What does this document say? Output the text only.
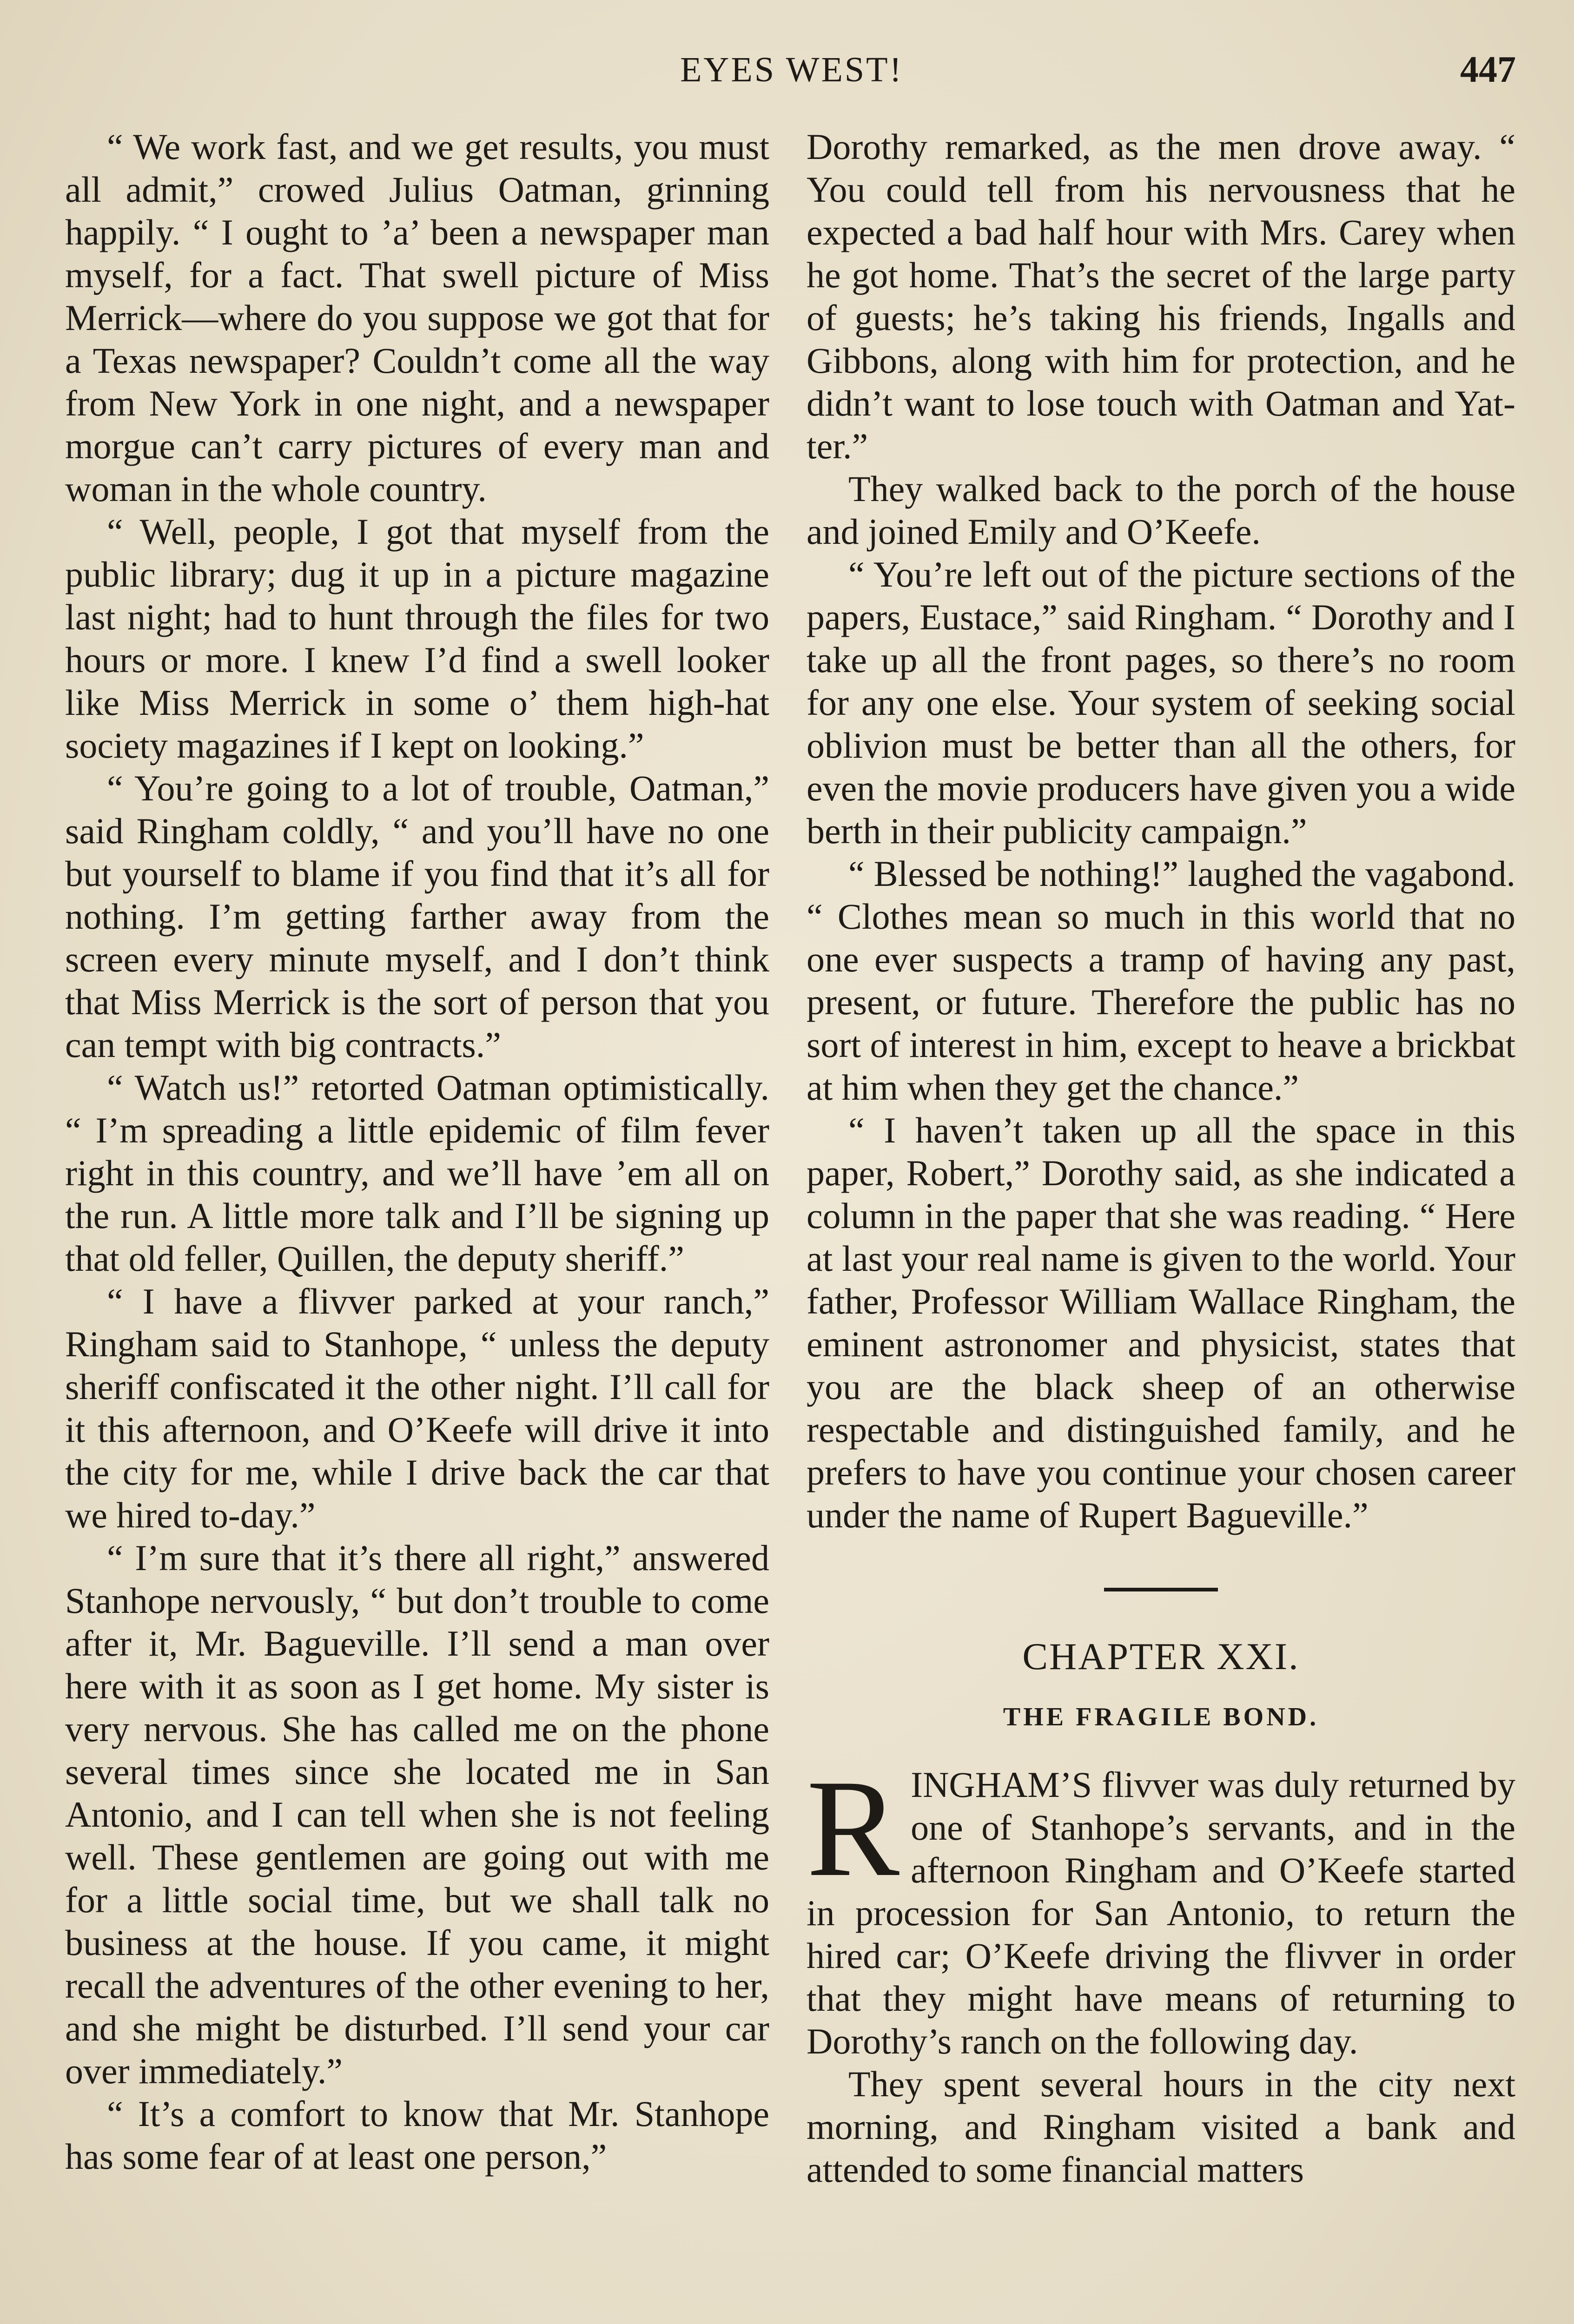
EYES WEST!	447

“ We work fast, and we get results, you must all admit,” crowed Julius Oatman, grinning happily. “ I ought to ’a’ been a newspaper man myself, for a fact. That swell picture of Miss Merrick—where do you suppose we got that for a Texas newspaper? Couldn’t come all the way from New York in one night, and a newspaper morgue can’t carry pictures of every man and woman in the whole country.

“ Well, people, I got that myself from the public library; dug it up in a picture magazine last night; had to hunt through the files for two hours or more. I knew I’d find a swell looker like Miss Merrick in some o’ them high-hat society magazines if I kept on looking.”

“ You’re going to a lot of trouble, Oatman,” said Ringham coldly, “ and you’ll have no one but yourself to blame if you find that it’s all for nothing. I’m getting farther away from the screen every minute myself, and I don’t think that Miss Merrick is the sort of person that you can tempt with big contracts.”

“ Watch us!” retorted Oatman optimistically. “ I’m spreading a little epidemic of film fever right in this country, and we’ll have ’em all on the run. A little more talk and I’ll be signing up that old feller, Quillen, the deputy sheriff.”

“ I have a flivver parked at your ranch,” Ringham said to Stanhope, “ unless the deputy sheriff confiscated it the other night. I’ll call for it this afternoon, and O’Keefe will drive it into the city for me, while I drive back the car that we hired to-day.”

“ I’m sure that it’s there all right,” answered Stanhope nervously, “ but don’t trouble to come after it, Mr. Bagueville. I’ll send a man over here with it as soon as I get home. My sister is very nervous. She has called me on the phone several times since she located me in San Antonio, and I can tell when she is not feeling well. These gentlemen are going out with me for a little social time, but we shall talk no business at the house. If you came, it might recall the adventures of the other evening to her, and she might be disturbed. I’ll send your car over immediately.”

“ It’s a comfort to know that Mr. Stanhope has some fear of at least one person,”

Dorothy remarked, as the men drove away. “ You could tell from his nervousness that he expected a bad half hour with Mrs. Carey when he got home. That’s the secret of the large party of guests; he’s taking his friends, Ingalls and Gibbons, along with him for protection, and he didn’t want to lose touch with Oatman and Yatter.”

They walked back to the porch of the house and joined Emily and O’Keefe.

“ You’re left out of the picture sections of the papers, Eustace,” said Ringham. “ Dorothy and I take up all the front pages, so there’s no room for any one else. Your system of seeking social oblivion must be better than all the others, for even the movie producers have given you a wide berth in their publicity campaign.”

“ Blessed be nothing!” laughed the vagabond. “ Clothes mean so much in this world that no one ever suspects a tramp of having any past, present, or future. Therefore the public has no sort of interest in him, except to heave a brickbat at him when they get the chance.”

“ I haven’t taken up all the space in this paper, Robert,” Dorothy said, as she indicated a column in the paper that she was reading. “ Here at last your real name is given to the world. Your father, Professor William Wallace Ringham, the eminent astronomer and physicist, states that you are the black sheep of an otherwise respectable and distinguished family, and he prefers to have you continue your chosen career under the name of Rupert Bagueville.”

CHAPTER XXI.
THE FRAGILE BOND.

RINGHAM’S flivver was duly returned by one of Stanhope’s servants, and in the afternoon Ringham and O’Keefe started in procession for San Antonio, to return the hired car; O’Keefe driving the flivver in order that they might have means of returning to Dorothy’s ranch on the following day.

They spent several hours in the city next morning, and Ringham visited a bank and attended to some financial matters
